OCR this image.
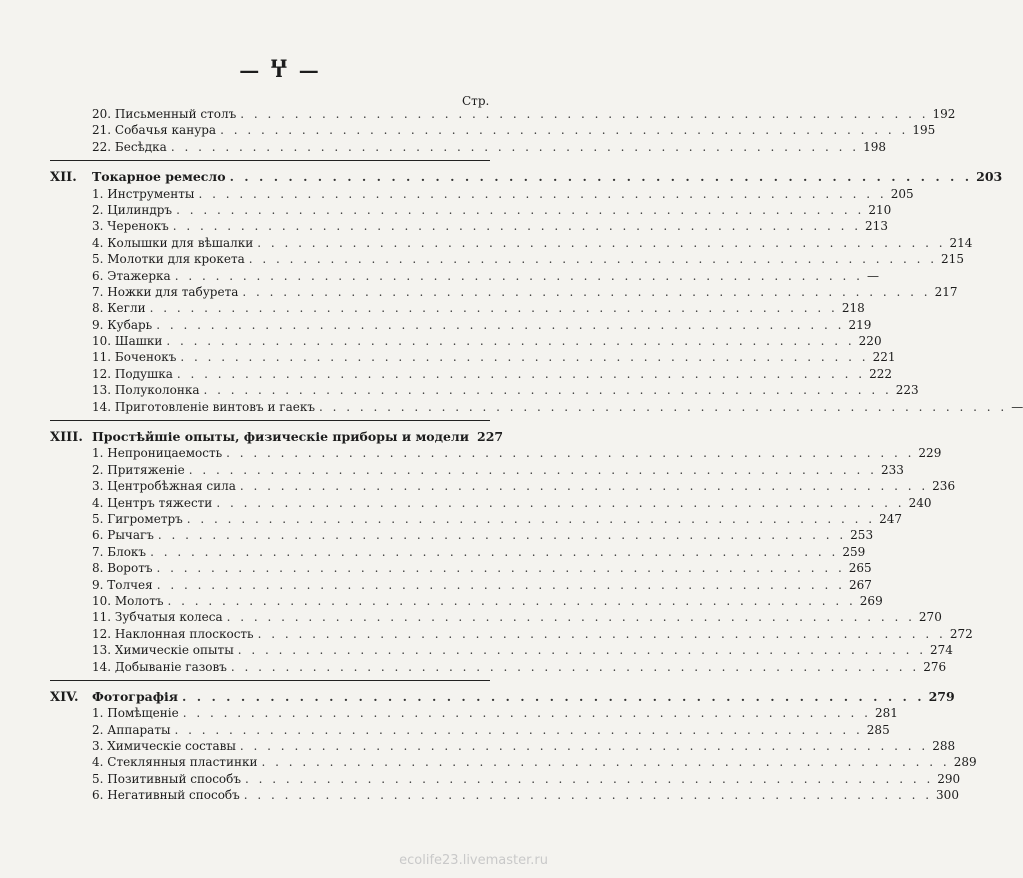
— Ⴤ —
Стр.
20. Письменный столъ . . . . . . . . . . . . . . . . . . . . . . . . . . . . . . . . . . . . . . . . . . . . . . . . . . . 192
21. Собачья канура . . . . . . . . . . . . . . . . . . . . . . . . . . . . . . . . . . . . . . . . . . . . . . . . . . . 195
22. Бесѣдка . . . . . . . . . . . . . . . . . . . . . . . . . . . . . . . . . . . . . . . . . . . . . . . . . . . 198
XII. Токарное ремесло . . . . . . . . . . . . . . . . . . . . . . . . . . . . . . . . . . . . . . . . . . . . . . . . . . . 203
1. Инструменты . . . . . . . . . . . . . . . . . . . . . . . . . . . . . . . . . . . . . . . . . . . . . . . . . . . 205
2. Цилиндръ . . . . . . . . . . . . . . . . . . . . . . . . . . . . . . . . . . . . . . . . . . . . . . . . . . . 210
3. Черенокъ . . . . . . . . . . . . . . . . . . . . . . . . . . . . . . . . . . . . . . . . . . . . . . . . . . . 213
4. Колышки для вѣшалки . . . . . . . . . . . . . . . . . . . . . . . . . . . . . . . . . . . . . . . . . . . . . . . . . . . 214
5. Молотки для крокета . . . . . . . . . . . . . . . . . . . . . . . . . . . . . . . . . . . . . . . . . . . . . . . . . . . 215
6. Этажерка . . . . . . . . . . . . . . . . . . . . . . . . . . . . . . . . . . . . . . . . . . . . . . . . . . . —
7. Ножки для табурета . . . . . . . . . . . . . . . . . . . . . . . . . . . . . . . . . . . . . . . . . . . . . . . . . . . 217
8. Кегли . . . . . . . . . . . . . . . . . . . . . . . . . . . . . . . . . . . . . . . . . . . . . . . . . . . 218
9. Кубарь . . . . . . . . . . . . . . . . . . . . . . . . . . . . . . . . . . . . . . . . . . . . . . . . . . . 219
10. Шашки . . . . . . . . . . . . . . . . . . . . . . . . . . . . . . . . . . . . . . . . . . . . . . . . . . . 220
11. Боченокъ . . . . . . . . . . . . . . . . . . . . . . . . . . . . . . . . . . . . . . . . . . . . . . . . . . . 221
12. Подушка . . . . . . . . . . . . . . . . . . . . . . . . . . . . . . . . . . . . . . . . . . . . . . . . . . . 222
13. Полуколонка . . . . . . . . . . . . . . . . . . . . . . . . . . . . . . . . . . . . . . . . . . . . . . . . . . . 223
14. Приготовленіе винтовъ и гаекъ . . . . . . . . . . . . . . . . . . . . . . . . . . . . . . . . . . . . . . . . . . . . . . . . . . . —
XIII. Простѣйшіе опыты, физическіе приборы и модели 227
1. Непроницаемость . . . . . . . . . . . . . . . . . . . . . . . . . . . . . . . . . . . . . . . . . . . . . . . . . . . 229
2. Притяженіе . . . . . . . . . . . . . . . . . . . . . . . . . . . . . . . . . . . . . . . . . . . . . . . . . . . 233
3. Центробѣжная сила . . . . . . . . . . . . . . . . . . . . . . . . . . . . . . . . . . . . . . . . . . . . . . . . . . . 236
4. Центръ тяжести . . . . . . . . . . . . . . . . . . . . . . . . . . . . . . . . . . . . . . . . . . . . . . . . . . . 240
5. Гигрометръ . . . . . . . . . . . . . . . . . . . . . . . . . . . . . . . . . . . . . . . . . . . . . . . . . . . 247
6. Рычагъ . . . . . . . . . . . . . . . . . . . . . . . . . . . . . . . . . . . . . . . . . . . . . . . . . . . 253
7. Блокъ . . . . . . . . . . . . . . . . . . . . . . . . . . . . . . . . . . . . . . . . . . . . . . . . . . . 259
8. Воротъ . . . . . . . . . . . . . . . . . . . . . . . . . . . . . . . . . . . . . . . . . . . . . . . . . . . 265
9. Толчея . . . . . . . . . . . . . . . . . . . . . . . . . . . . . . . . . . . . . . . . . . . . . . . . . . . 267
10. Молотъ . . . . . . . . . . . . . . . . . . . . . . . . . . . . . . . . . . . . . . . . . . . . . . . . . . . 269
11. Зубчатыя колеса . . . . . . . . . . . . . . . . . . . . . . . . . . . . . . . . . . . . . . . . . . . . . . . . . . . 270
12. Наклонная плоскость . . . . . . . . . . . . . . . . . . . . . . . . . . . . . . . . . . . . . . . . . . . . . . . . . . . 272
13. Химическіе опыты . . . . . . . . . . . . . . . . . . . . . . . . . . . . . . . . . . . . . . . . . . . . . . . . . . . 274
14. Добываніе газовъ . . . . . . . . . . . . . . . . . . . . . . . . . . . . . . . . . . . . . . . . . . . . . . . . . . . 276
XIV. Фотографія . . . . . . . . . . . . . . . . . . . . . . . . . . . . . . . . . . . . . . . . . . . . . . . . . . . 279
1. Помѣщеніе . . . . . . . . . . . . . . . . . . . . . . . . . . . . . . . . . . . . . . . . . . . . . . . . . . . 281
2. Аппараты . . . . . . . . . . . . . . . . . . . . . . . . . . . . . . . . . . . . . . . . . . . . . . . . . . . 285
3. Химическіе составы . . . . . . . . . . . . . . . . . . . . . . . . . . . . . . . . . . . . . . . . . . . . . . . . . . . 288
4. Стеклянныя пластинки . . . . . . . . . . . . . . . . . . . . . . . . . . . . . . . . . . . . . . . . . . . . . . . . . . . 289
5. Позитивный способъ . . . . . . . . . . . . . . . . . . . . . . . . . . . . . . . . . . . . . . . . . . . . . . . . . . . 290
6. Негативный способъ . . . . . . . . . . . . . . . . . . . . . . . . . . . . . . . . . . . . . . . . . . . . . . . . . . . 300
ecolife23.livemaster.ru
